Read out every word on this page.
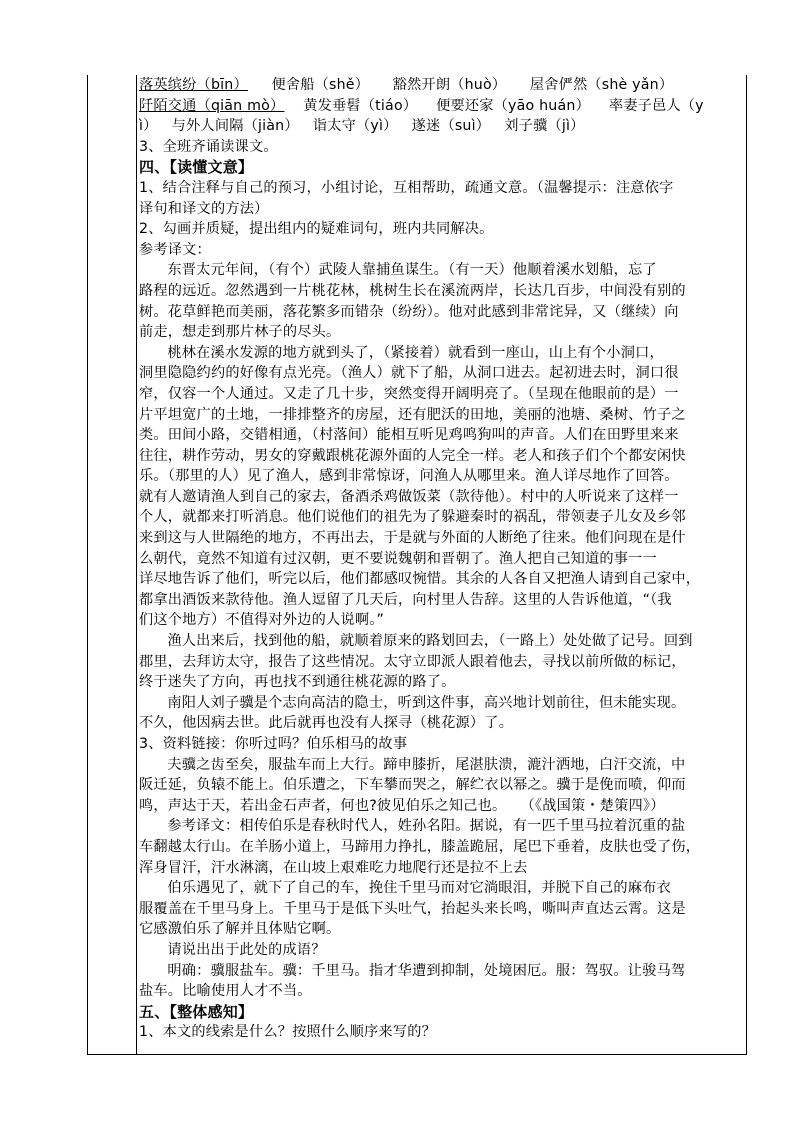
落英缤纷（bīn） 便舍船（shě） 豁然开朗（huò） 屋舍俨然（shè yǎn）
阡陌交通（qiān mò） 黄发垂髫（tiáo） 便要还家（yāo huán） 率妻子邑人（y
ì）   与外人间隔（jiàn）   诣太守（yì）   遂迷（suì）   刘子骥（jì）
3、全班齐诵读课文。
四、【读懂文意】
1、结合注释与自己的预习，小组讨论，互相帮助，疏通文意。（温馨提示：注意依字
译句和译文的方法）
2、勾画并质疑，提出组内的疑难词句，班内共同解决。
参考译文：
东晋太元年间，（有个）武陵人靠捕鱼谋生。（有一天）他顺着溪水划船，忘了
路程的远近。忽然遇到一片桃花林，桃树生长在溪流两岸，长达几百步，中间没有别的
树。花草鲜艳而美丽，落花繁多而错杂（纷纷）。他对此感到非常诧异，又（继续）向
前走，想走到那片林子的尽头。
桃林在溪水发源的地方就到头了，（紧接着）就看到一座山，山上有个小洞口，
洞里隐隐约约的好像有点光亮。（渔人）就下了船，从洞口进去。起初进去时，洞口很
窄，仅容一个人通过。又走了几十步，突然变得开阔明亮了。（呈现在他眼前的是）一
片平坦宽广的土地，一排排整齐的房屋，还有肥沃的田地，美丽的池塘、桑树、竹子之
类。田间小路，交错相通，（村落间）能相互听见鸡鸣狗叫的声音。人们在田野里来来
往往，耕作劳动，男女的穿戴跟桃花源外面的人完全一样。老人和孩子们个个都安闲快
乐。（那里的人）见了渔人，感到非常惊讶，问渔人从哪里来。渔人详尽地作了回答。
就有人邀请渔人到自己的家去，备酒杀鸡做饭菜（款待他）。村中的人听说来了这样一
个人，就都来打听消息。他们说他们的祖先为了躲避秦时的祸乱，带领妻子儿女及乡邻
来到这与人世隔绝的地方，不再出去，于是就与外面的人断绝了往来。他们问现在是什
么朝代，竟然不知道有过汉朝，更不要说魏朝和晋朝了。渔人把自己知道的事一一
详尽地告诉了他们，听完以后，他们都感叹惋惜。其余的人各自又把渔人请到自己家中，
都拿出酒饭来款待他。渔人逗留了几天后，向村里人告辞。这里的人告诉他道，“（我
们这个地方）不值得对外边的人说啊。”
渔人出来后，找到他的船，就顺着原来的路划回去，（一路上）处处做了记号。回到
郡里，去拜访太守，报告了这些情况。太守立即派人跟着他去，寻找以前所做的标记，
终于迷失了方向，再也找不到通往桃花源的路了。
南阳人刘子骥是个志向高洁的隐士，听到这件事，高兴地计划前往，但未能实现。
不久，他因病去世。此后就再也没有人探寻（桃花源）了。
3、资料链接：你听过吗？伯乐相马的故事
夫骥之齿至矣，服盐车而上大行。蹄申膝折，尾湛肤溃，漉汁洒地，白汗交流，中
阪迁延，负辕不能上。伯乐遭之，下车攀而哭之，解纻衣以幂之。骥于是俛而喷，仰而
鸣，声达于天，若出金石声者，何也?彼见伯乐之知己也。   （《战国策・楚策四》）
参考译文：相传伯乐是春秋时代人，姓孙名阳。据说，有一匹千里马拉着沉重的盐
车翻越太行山。在羊肠小道上，马蹄用力挣扎，膝盖跪屈，尾巴下垂着，皮肤也受了伤，
浑身冒汗，汗水淋漓，在山坡上艰难吃力地爬行还是拉不上去
伯乐遇见了，就下了自己的车，挽住千里马而对它淌眼泪，并脱下自己的麻布衣
服覆盖在千里马身上。千里马于是低下头吐气，抬起头来长鸣，嘶叫声直达云霄。这是
它感激伯乐了解并且体贴它啊。
请说出出于此处的成语？
明确：骥服盐车。骥：千里马。指才华遭到抑制，处境困厄。服：驾驭。让骏马驾
盐车。比喻使用人才不当。
五、【整体感知】
1、本文的线索是什么？按照什么顺序来写的？
